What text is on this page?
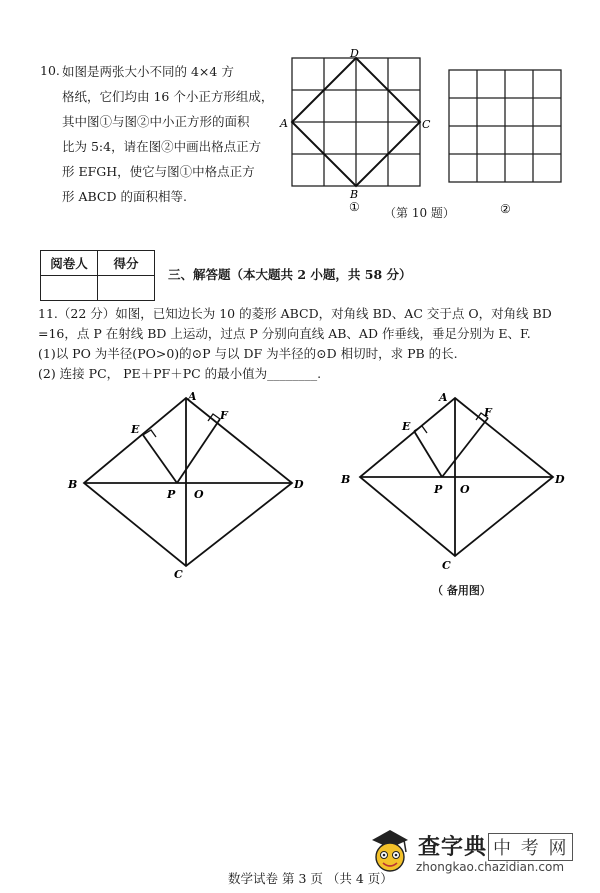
10. 如图是两张大小不同的 4×4 方
格纸，它们均由 16 个小正方形组成，
其中图①与图②中小正方形的面积
比为 5:4，请在图②中画出格点正方
形 EFGH，使它与图①中格点正方
形 ABCD 的面积相等.
D
A	C
B
①	②
（第 10 题）
阅卷人	得分

三、解答题（本大题共 2 小题，共 58 分）
11.（22 分）如图，已知边长为 10 的菱形 ABCD，对角线 BD、AC 交于点 O，对角线 BD
=16，点 P 在射线 BD 上运动，过点 P 分别向直线 AB、AD 作垂线，垂足分别为 E、F.
(1)以 PO 为半径(PO>0)的⊙P 与以 DF 为半径的⊙D 相切时，求 PB 的长.
(2) 连接 PC， PE＋PF＋PC 的最小值为________.
A
B
C
D
E
F
P O
A
B
C
D
E
F
P O
（ 备用图）
查字典 中 考 网
zhongkao.chazidian.com
数学试卷 第 3 页 （共 4 页）
